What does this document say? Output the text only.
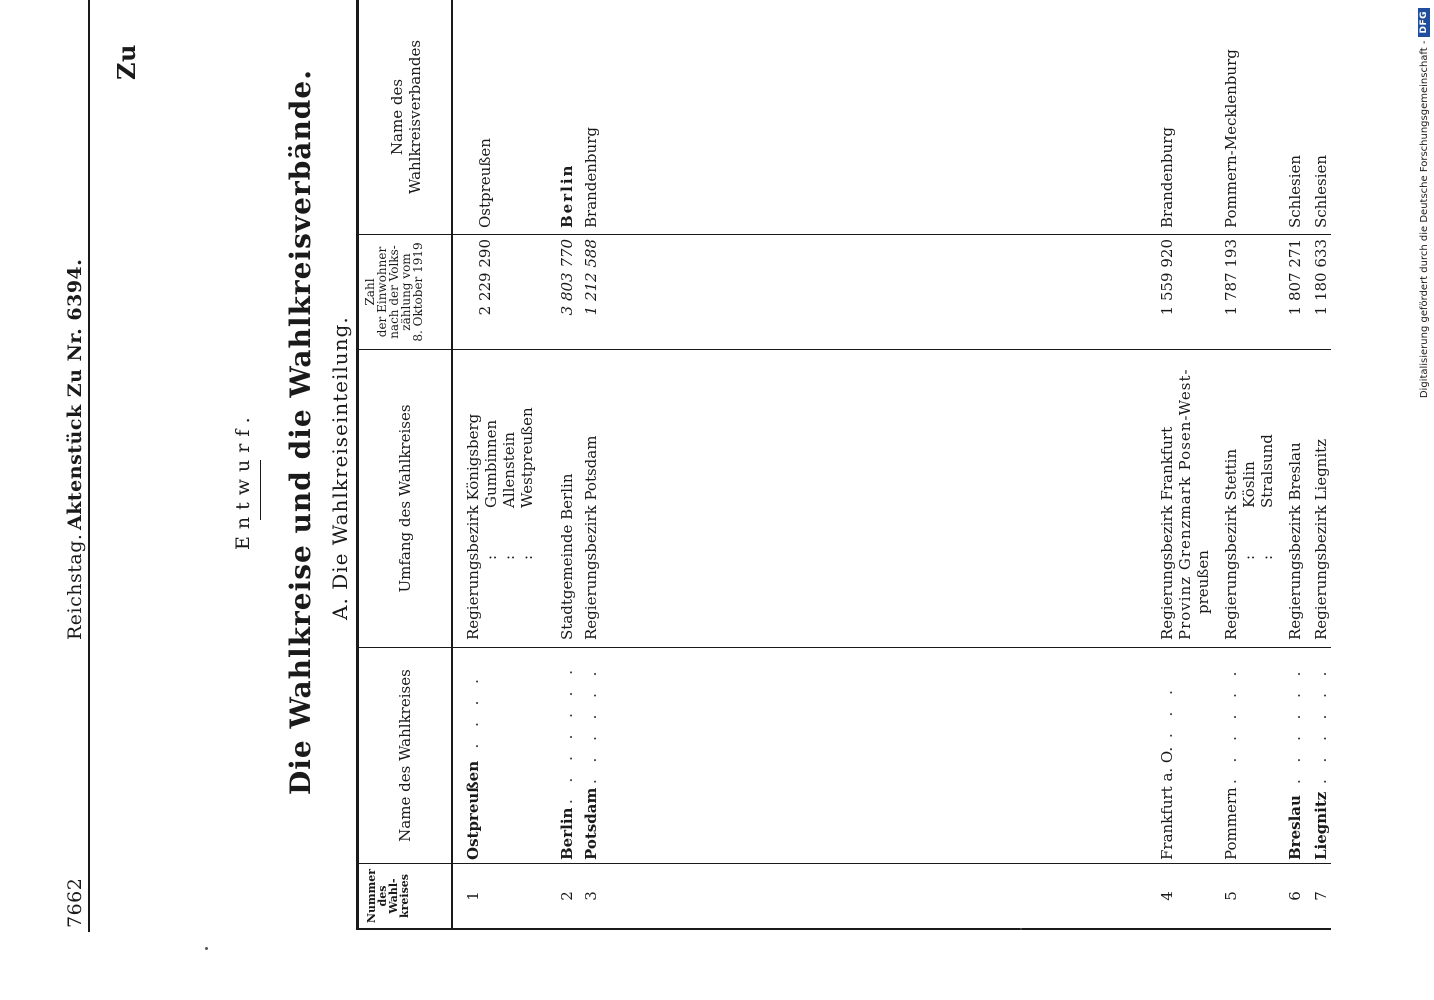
7662
Reichstag.
Aktenstück Zu Nr. 6394.
Zu
Entwurf. Die Wahlkreise und die Wahlkreisverbände. A. Die Wahlkreiseinteilung.
Nummer
des
Wahl-
kreises
Name des Wahlkreises
Umfang des Wahlkreises
Zahl
der Einwohner
nach der Volks-
zählung vom
8. Oktober 1919
Name des Wahlkreisverbandes
1
Ostpreußen
. . . . .
Regierungsbezirk Königsberg Gumbinnen Allenstein Westpreußen
: : :
2 229 290
Ostpreußen
2
Berlin
. . . . . . .
Stadtgemeinde Berlin
3 803 770
Berlin
3
Potsdam
. . . . . .
Regierungsbezirk Potsdam
1 212 588
Brandenburg
4
Frankfurt a. O.
. . .
Regierungsbezirk Frankfurt Provinz Grenzmark Posen-West- preußen
1 559 920
Brandenburg
5
Pommern
. . . . . .
Regierungsbezirk Stettin Köslin Stralsund
: :
1 787 193
Pommern-Mecklenburg
6
Breslau
. . . . . .
Regierungsbezirk Breslau
1 807 271
Schlesien
7
Liegnitz
. . . . . .
Regierungsbezirk Liegnitz
1 180 633
Schlesien	Digitalisierung gefördert durch die Deutsche Forschungsgemeinschaft -
DFG
